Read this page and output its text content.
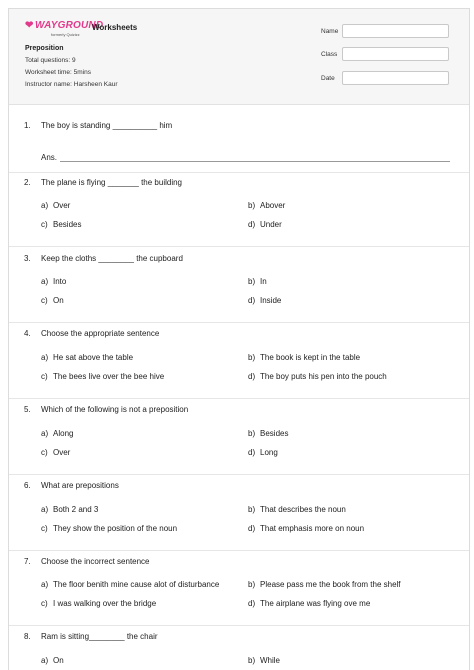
❤ WAYGROUND
formerly Quizizz
Worksheets
Preposition
Total questions: 9
Worksheet time: 5mins
Instructor name: Harsheen Kaur
Name
Class
Date
1. The boy is standing __________ him
Ans.
2. The plane is flying _______ the building
a) Over	b) Abover
c) Besides	d) Under
3. Keep the cloths ________ the cupboard
a) Into	b) In
c) On	d) Inside
4. Choose the appropriate sentence
a) He sat above the table	b) The book is kept in the table
c) The bees live over the bee hive	d) The boy puts his pen into the pouch
5. Which of the following is not a preposition
a) Along	b) Besides
c) Over	d) Long
6. What are prepositions
a) Both 2 and 3	b) That describes the noun
c) They show the position of the noun	d) That emphasis more on noun
7. Choose the incorrect sentence
a) The floor benith mine cause alot of disturbance	b) Please pass me the book from the shelf
c) I was walking over the bridge	d) The airplane was flying ove me
8. Ram is sitting________ the chair
a) On	b) While
